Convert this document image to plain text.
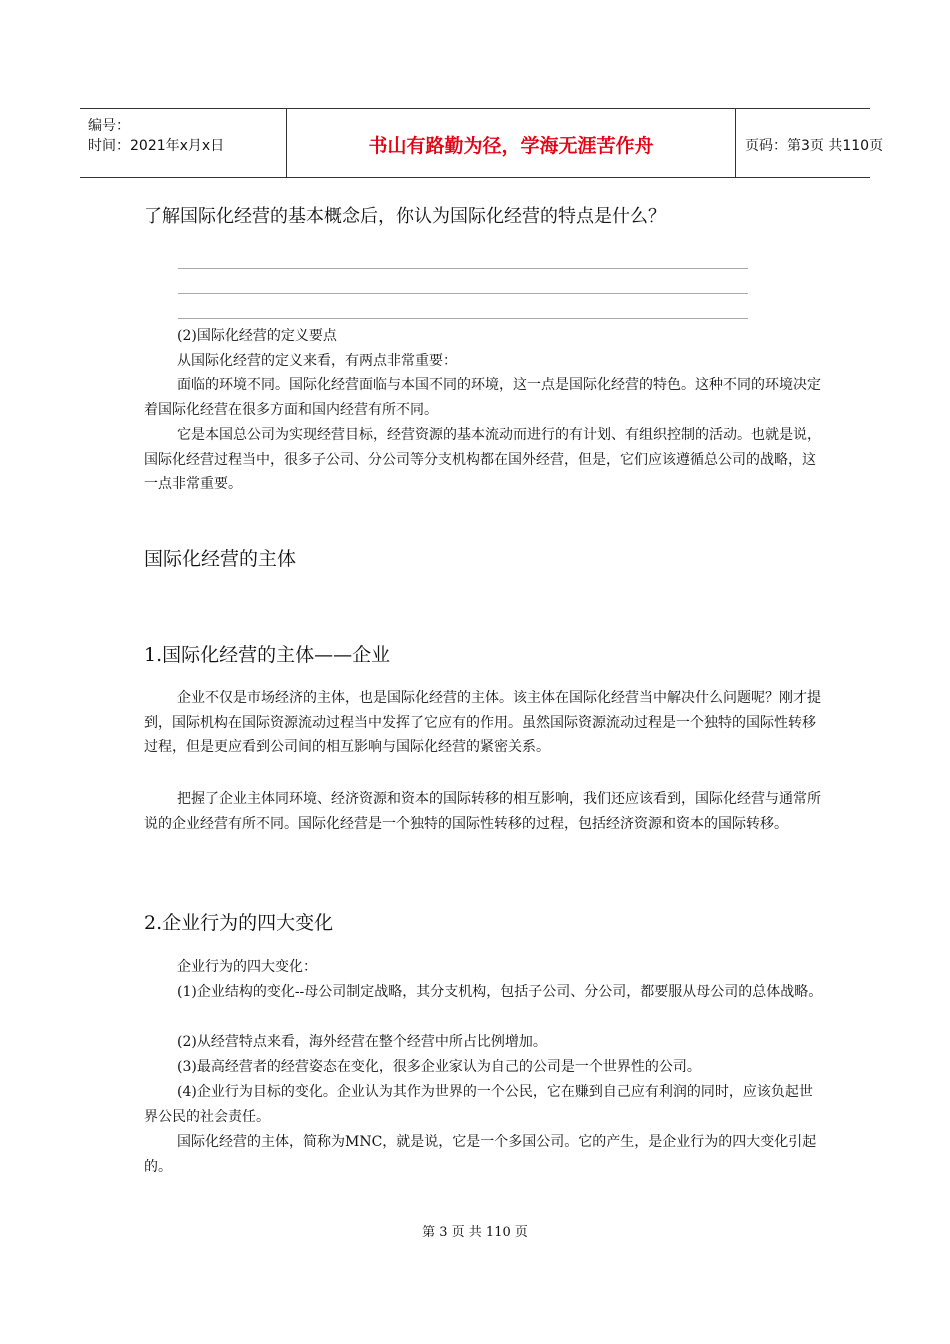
编号：
时间：2021年x月x日	书山有路勤为径，学海无涯苦作舟	页码：第3页 共110页
了解国际化经营的基本概念后，你认为国际化经营的特点是什么？

(2)国际化经营的定义要点

从国际化经营的定义来看，有两点非常重要：

面临的环境不同。国际化经营面临与本国不同的环境，这一点是国际化经营的特色。这种不同的环境决定着国际化经营在很多方面和国内经营有所不同。

它是本国总公司为实现经营目标，经营资源的基本流动而进行的有计划、有组织控制的活动。也就是说，国际化经营过程当中，很多子公司、分公司等分支机构都在国外经营，但是，它们应该遵循总公司的战略，这一点非常重要。

国际化经营的主体
1.国际化经营的主体——企业

企业不仅是市场经济的主体，也是国际化经营的主体。该主体在国际化经营当中解决什么问题呢？刚才提到，国际机构在国际资源流动过程当中发挥了它应有的作用。虽然国际资源流动过程是一个独特的国际性转移过程，但是更应看到公司间的相互影响与国际化经营的紧密关系。

把握了企业主体同环境、经济资源和资本的国际转移的相互影响，我们还应该看到，国际化经营与通常所说的企业经营有所不同。国际化经营是一个独特的国际性转移的过程，包括经济资源和资本的国际转移。

2.企业行为的四大变化

企业行为的四大变化：

(1)企业结构的变化--母公司制定战略，其分支机构，包括子公司、分公司，都要服从母公司的总体战略。

(2)从经营特点来看，海外经营在整个经营中所占比例增加。

(3)最高经营者的经营姿态在变化，很多企业家认为自己的公司是一个世界性的公司。

(4)企业行为目标的变化。企业认为其作为世界的一个公民，它在赚到自己应有利润的同时，应该负起世界公民的社会责任。

国际化经营的主体，简称为MNC，就是说，它是一个多国公司。它的产生，是企业行为的四大变化引起的。

第 3 页 共 110 页
